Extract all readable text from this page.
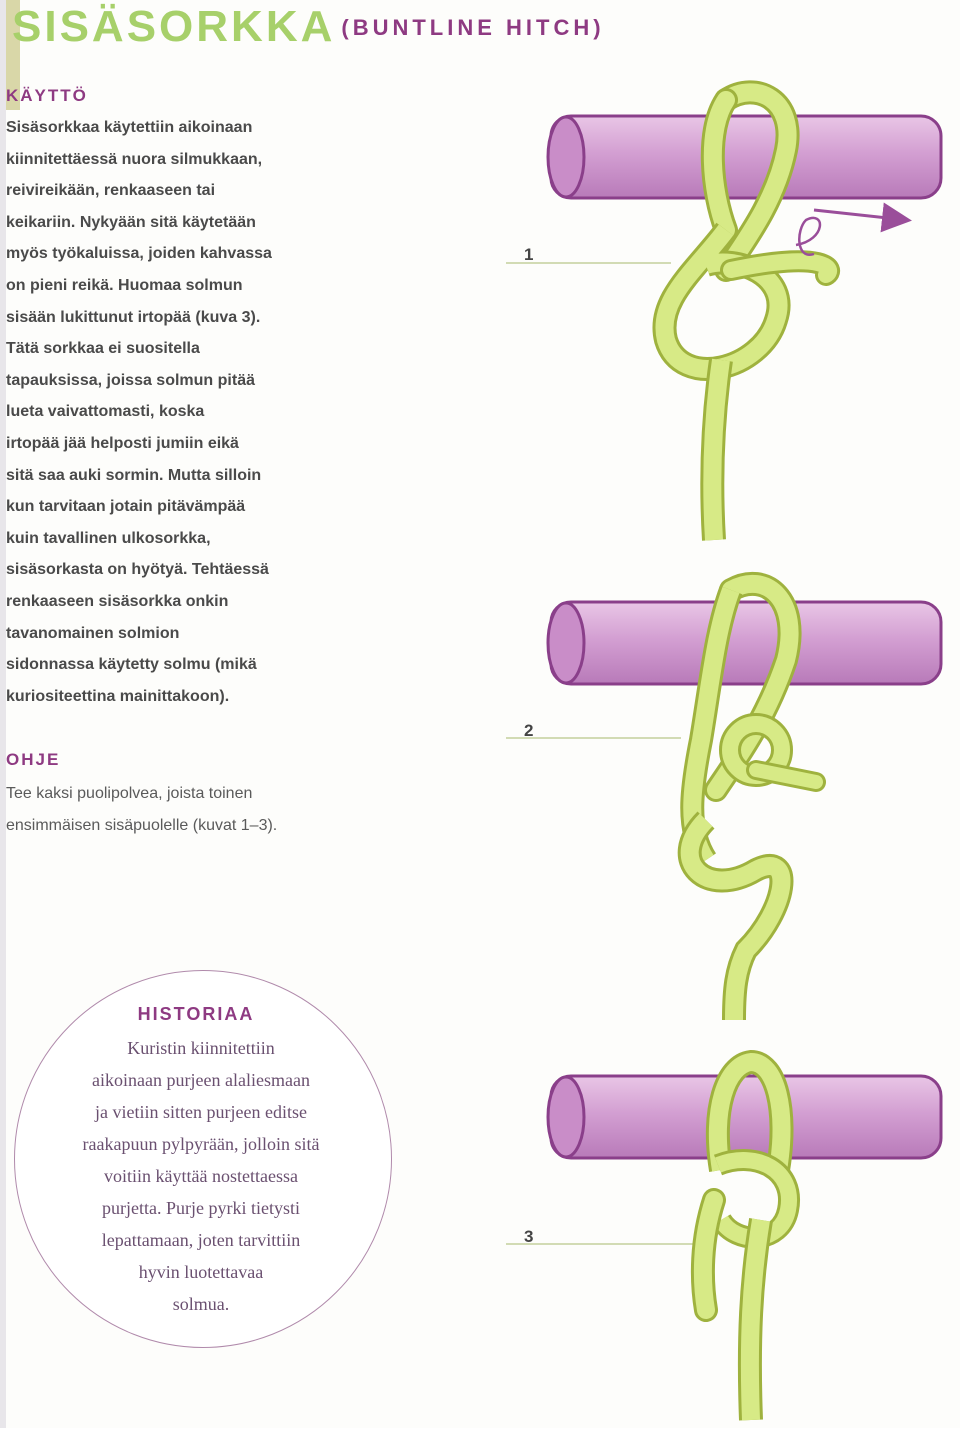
SISÄSORKKA (BUNTLINE HITCH)
KÄYTTÖ
Sisäsorkkaa käytettiin aikoinaan
kiinnitettäessä nuora silmukkaan,
reivireikään, renkaaseen tai
keikariin. Nykyään sitä käytetään
myös työkaluissa, joiden kahvassa
on pieni reikä. Huomaa solmun
sisään lukittunut irtopää (kuva 3).
Tätä sorkkaa ei suositella
tapauksissa, joissa solmun pitää
lueta vaivattomasti, koska
irtopää jää helposti jumiin eikä
sitä saa auki sormin. Mutta silloin
kun tarvitaan jotain pitävämpää
kuin tavallinen ulkosorkka,
sisäsorkasta on hyötyä. Tehtäessä
renkaaseen sisäsorkka onkin
tavanomainen solmion
sidonnassa käytetty solmu (mikä
kuriositeettina mainittakoon).
OHJE
Tee kaksi puolipolvea, joista toinen
ensimmäisen sisäpuolelle (kuvat 1–3).
HISTORIAA
Kuristin kiinnitettiin
aikoinaan purjeen alaliesmaan
ja vietiin sitten purjeen editse
raakapuun pylpyrään, jolloin sitä
voitiin käyttää nostettaessa
purjetta. Purje pyrki tietysti
lepattamaan, joten tarvittiin
hyvin luotettavaa
solmua.
1
2
3
